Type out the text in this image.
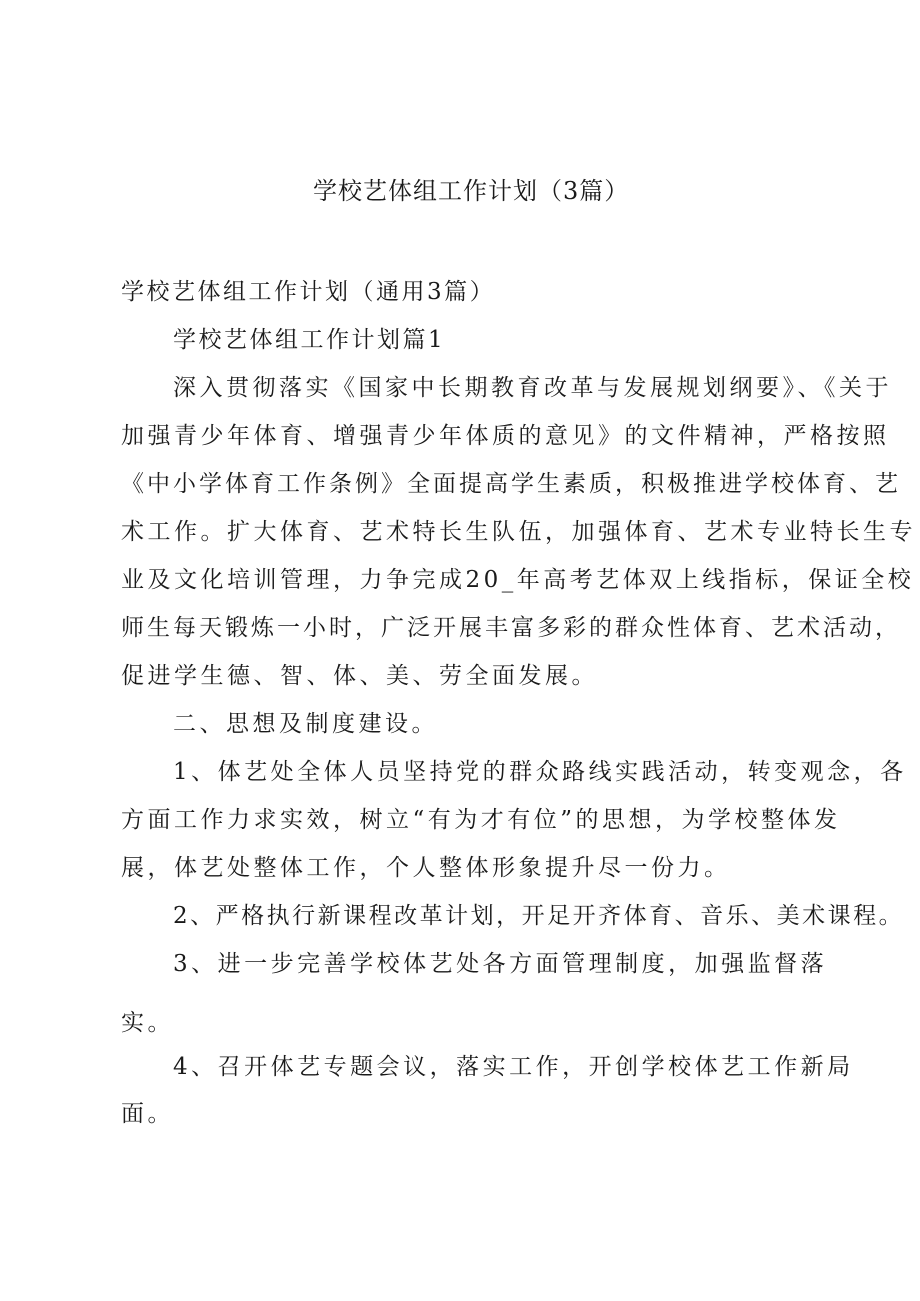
学校艺体组工作计划（3篇）
学校艺体组工作计划（通用3篇）
学校艺体组工作计划篇1
深入贯彻落实《国家中长期教育改革与发展规划纲要》、《关于
加强青少年体育、增强青少年体质的意见》的文件精神，严格按照
《中小学体育工作条例》全面提高学生素质，积极推进学校体育、艺
术工作。扩大体育、艺术特长生队伍，加强体育、艺术专业特长生专
业及文化培训管理，力争完成20_年高考艺体双上线指标，保证全校
师生每天锻炼一小时，广泛开展丰富多彩的群众性体育、艺术活动，
促进学生德、智、体、美、劳全面发展。
二、思想及制度建设。
1、体艺处全体人员坚持党的群众路线实践活动，转变观念，各
方面工作力求实效，树立“有为才有位”的思想，为学校整体发
展，体艺处整体工作，个人整体形象提升尽一份力。
2、严格执行新课程改革计划，开足开齐体育、音乐、美术课程。
3、进一步完善学校体艺处各方面管理制度，加强监督落
实。
4、召开体艺专题会议，落实工作，开创学校体艺工作新局
面。
